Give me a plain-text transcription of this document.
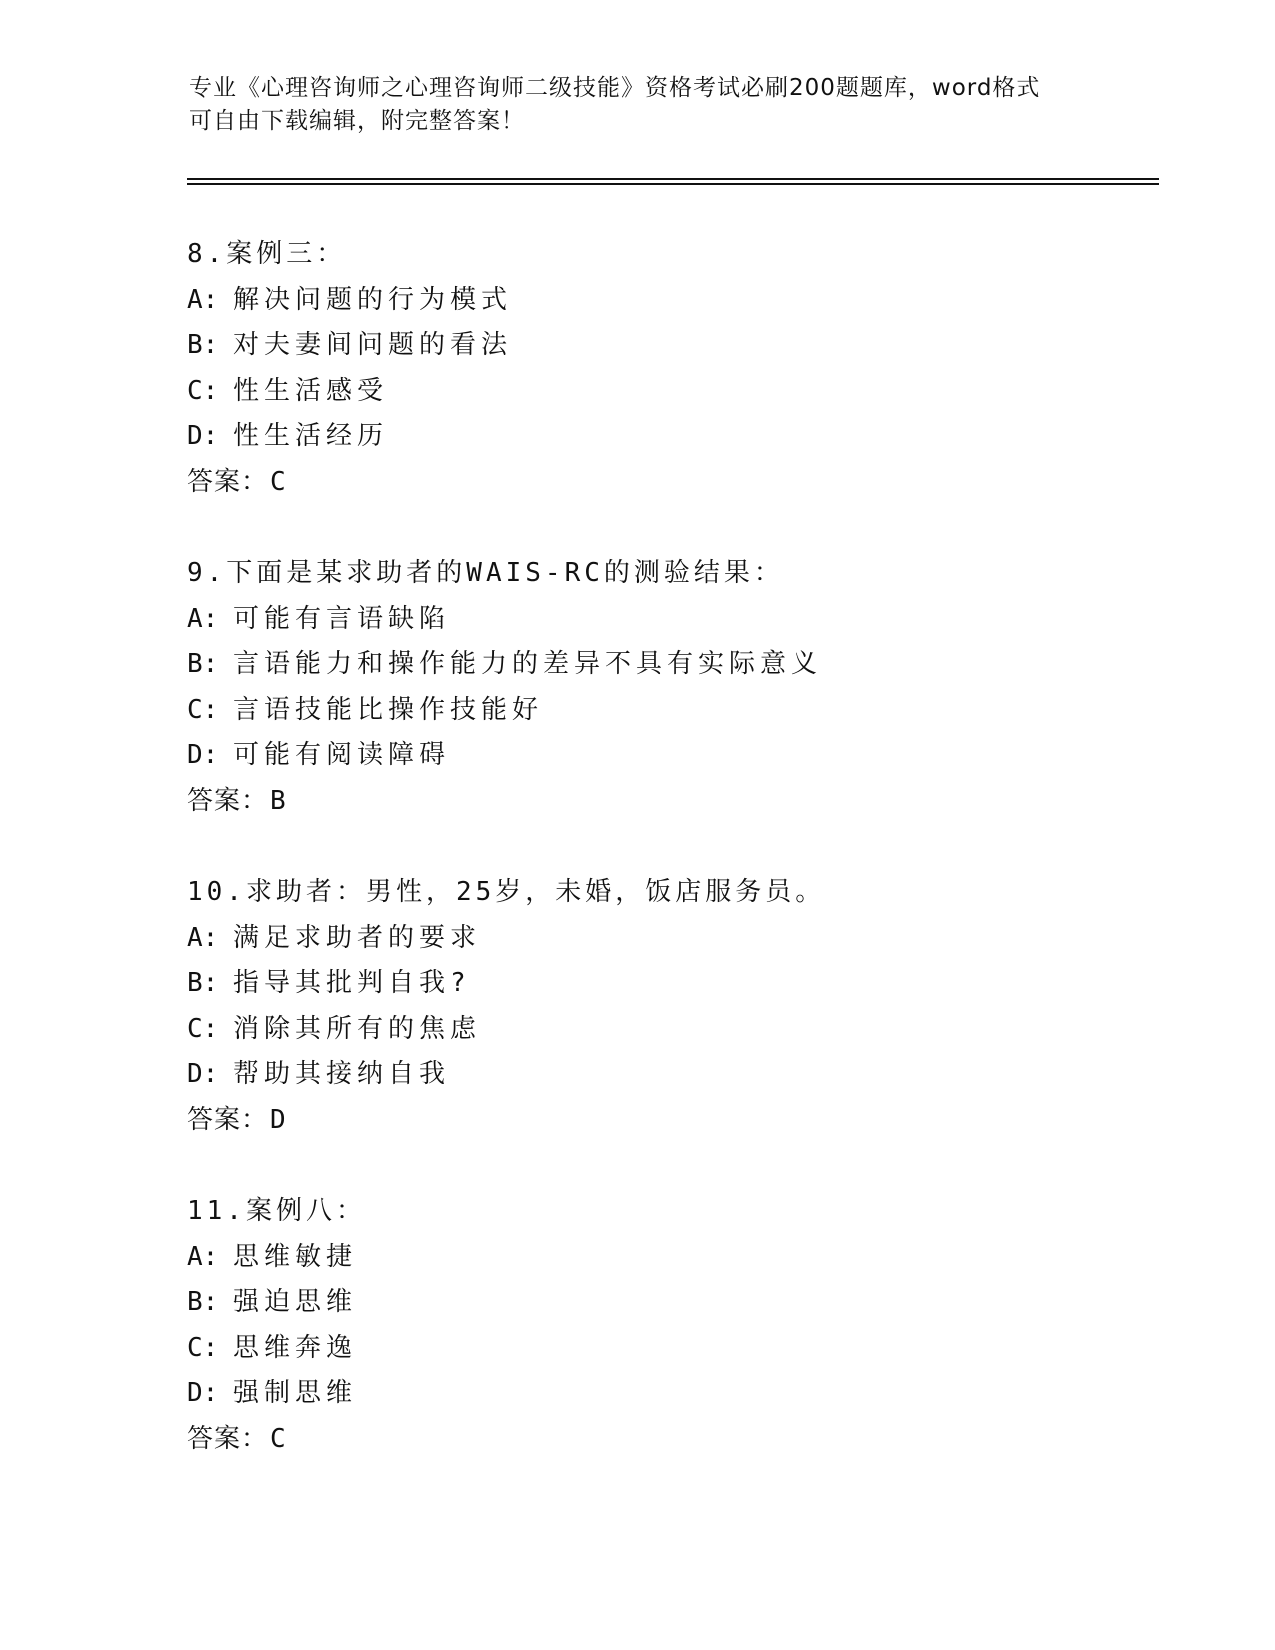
专业《心理咨询师之心理咨询师二级技能》资格考试必刷200题题库，word格式
可自由下载编辑，附完整答案！
8.案例三：
A: 解决问题的行为模式
B: 对夫妻间问题的看法
C: 性生活感受
D: 性生活经历
答案：C
9.下面是某求助者的WAIS-RC的测验结果：
A: 可能有言语缺陷
B: 言语能力和操作能力的差异不具有实际意义
C: 言语技能比操作技能好
D: 可能有阅读障碍
答案：B
10.求助者：男性，25岁，未婚，饭店服务员。
A: 满足求助者的要求
B: 指导其批判自我?
C: 消除其所有的焦虑
D: 帮助其接纳自我
答案：D
11.案例八：
A: 思维敏捷
B: 强迫思维
C: 思维奔逸
D: 强制思维
答案：C
